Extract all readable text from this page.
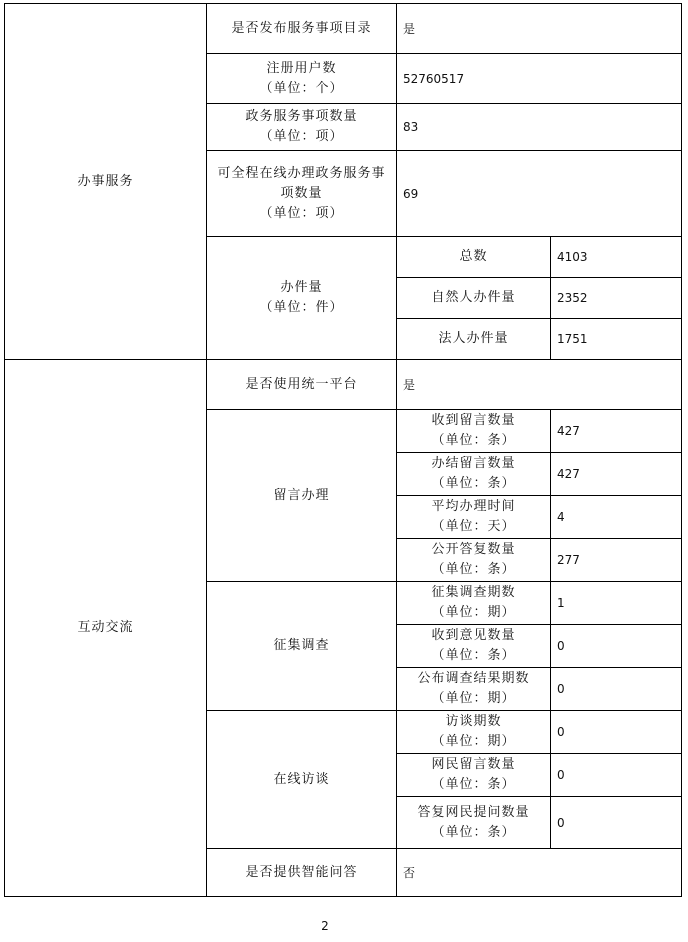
办事服务	是否发布服务事项目录	是	

	注册用户数
（单位：个）	52760517	

	政务服务事项数量
（单位：项）	83	

	可全程在线办理政务服务事项数量
（单位：项）	69	

	办件量
（单位：件）	总数	4103
		自然人办件量	2352
		法人办件量	1751
互动交流	是否使用统一平台	是	
	留言办理	收到留言数量
（单位：条）	427

		办结留言数量
（单位：条）	427

		平均办理时间
（单位：天）	4

		公开答复数量
（单位：条）	277
	征集调查	征集调查期数
（单位：期）	1

		收到意见数量
（单位：条）	0

		公布调查结果期数
（单位：期）	0
	在线访谈	访谈期数
（单位：期）	0

		网民留言数量
（单位：条）	0

		答复网民提问数量
（单位：条）	0
	是否提供智能问答	否	
2
